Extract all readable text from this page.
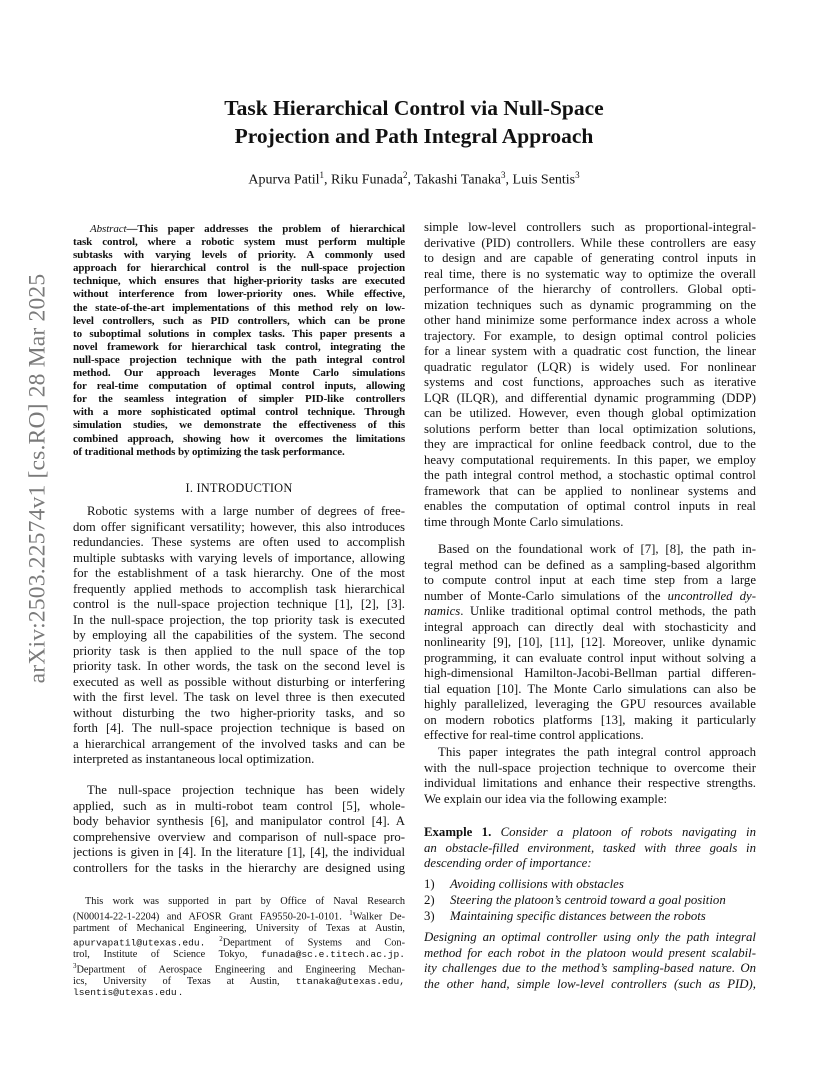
arXiv:2503.22574v1 [cs.RO] 28 Mar 2025
Task Hierarchical Control via Null-Space
Projection and Path Integral Approach
Apurva Patil$^1$, Riku Funada$^2$, Takashi Tanaka$^3$, Luis Sentis$^3$
Abstract—This paper addresses the problem of hierarchical
task control, where a robotic system must perform multiple
subtasks with varying levels of priority. A commonly used
approach for hierarchical control is the null-space projection
technique, which ensures that higher-priority tasks are executed
without interference from lower-priority ones. While effective,
the state-of-the-art implementations of this method rely on low-
level controllers, such as PID controllers, which can be prone
to suboptimal solutions in complex tasks. This paper presents a
novel framework for hierarchical task control, integrating the
null-space projection technique with the path integral control
method. Our approach leverages Monte Carlo simulations
for real-time computation of optimal control inputs, allowing
for the seamless integration of simpler PID-like controllers
with a more sophisticated optimal control technique. Through
simulation studies, we demonstrate the effectiveness of this
combined approach, showing how it overcomes the limitations
of traditional methods by optimizing the task performance.
I. INTRODUCTION
Robotic systems with a large number of degrees of free-
dom offer significant versatility; however, this also introduces
redundancies. These systems are often used to accomplish
multiple subtasks with varying levels of importance, allowing
for the establishment of a task hierarchy. One of the most
frequently applied methods to accomplish task hierarchical
control is the null-space projection technique [1], [2], [3].
In the null-space projection, the top priority task is executed
by employing all the capabilities of the system. The second
priority task is then applied to the null space of the top
priority task. In other words, the task on the second level is
executed as well as possible without disturbing or interfering
with the first level. The task on level three is then executed
without disturbing the two higher-priority tasks, and so
forth [4]. The null-space projection technique is based on
a hierarchical arrangement of the involved tasks and can be
interpreted as instantaneous local optimization.
The null-space projection technique has been widely
applied, such as in multi-robot team control [5], whole-
body behavior synthesis [6], and manipulator control [4]. A
comprehensive overview and comparison of null-space pro-
jections is given in [4]. In the literature [1], [4], the individual
controllers for the tasks in the hierarchy are designed using
This work was supported in part by Office of Naval Research
(N00014-22-1-2204) and AFOSR Grant FA9550-20-1-0101. $^1$Walker De-
partment of Mechanical Engineering, University of Texas at Austin,
apurvapatil@utexas.edu. $^2$Department of Systems and Con-
trol, Institute of Science Tokyo, funada@sc.e.titech.ac.jp.
$^3$Department of Aerospace Engineering and Engineering Mechan-
ics, University of Texas at Austin, ttanaka@utexas.edu,
lsentis@utexas.edu .
simple low-level controllers such as proportional-integral-
derivative (PID) controllers. While these controllers are easy
to design and are capable of generating control inputs in
real time, there is no systematic way to optimize the overall
performance of the hierarchy of controllers. Global opti-
mization techniques such as dynamic programming on the
other hand minimize some performance index across a whole
trajectory. For example, to design optimal control policies
for a linear system with a quadratic cost function, the linear
quadratic regulator (LQR) is widely used. For nonlinear
systems and cost functions, approaches such as iterative
LQR (ILQR), and differential dynamic programming (DDP)
can be utilized. However, even though global optimization
solutions perform better than local optimization solutions,
they are impractical for online feedback control, due to the
heavy computational requirements. In this paper, we employ
the path integral control method, a stochastic optimal control
framework that can be applied to nonlinear systems and
enables the computation of optimal control inputs in real
time through Monte Carlo simulations.
Based on the foundational work of [7], [8], the path in-
tegral method can be defined as a sampling-based algorithm
to compute control input at each time step from a large
number of Monte-Carlo simulations of the uncontrolled dy-
namics. Unlike traditional optimal control methods, the path
integral approach can directly deal with stochasticity and
nonlinearity [9], [10], [11], [12]. Moreover, unlike dynamic
programming, it can evaluate control input without solving a
high-dimensional Hamilton-Jacobi-Bellman partial differen-
tial equation [10]. The Monte Carlo simulations can also be
highly parallelized, leveraging the GPU resources available
on modern robotics platforms [13], making it particularly
effective for real-time control applications.
This paper integrates the path integral control approach
with the null-space projection technique to overcome their
individual limitations and enhance their respective strengths.
We explain our idea via the following example:
Example 1. Consider a platoon of robots navigating in
an obstacle-filled environment, tasked with three goals in
descending order of importance:
1) Avoiding collisions with obstacles
2) Steering the platoon’s centroid toward a goal position
3) Maintaining specific distances between the robots
Designing an optimal controller using only the path integral
method for each robot in the platoon would present scalabil-
ity challenges due to the method’s sampling-based nature. On
the other hand, simple low-level controllers (such as PID),
